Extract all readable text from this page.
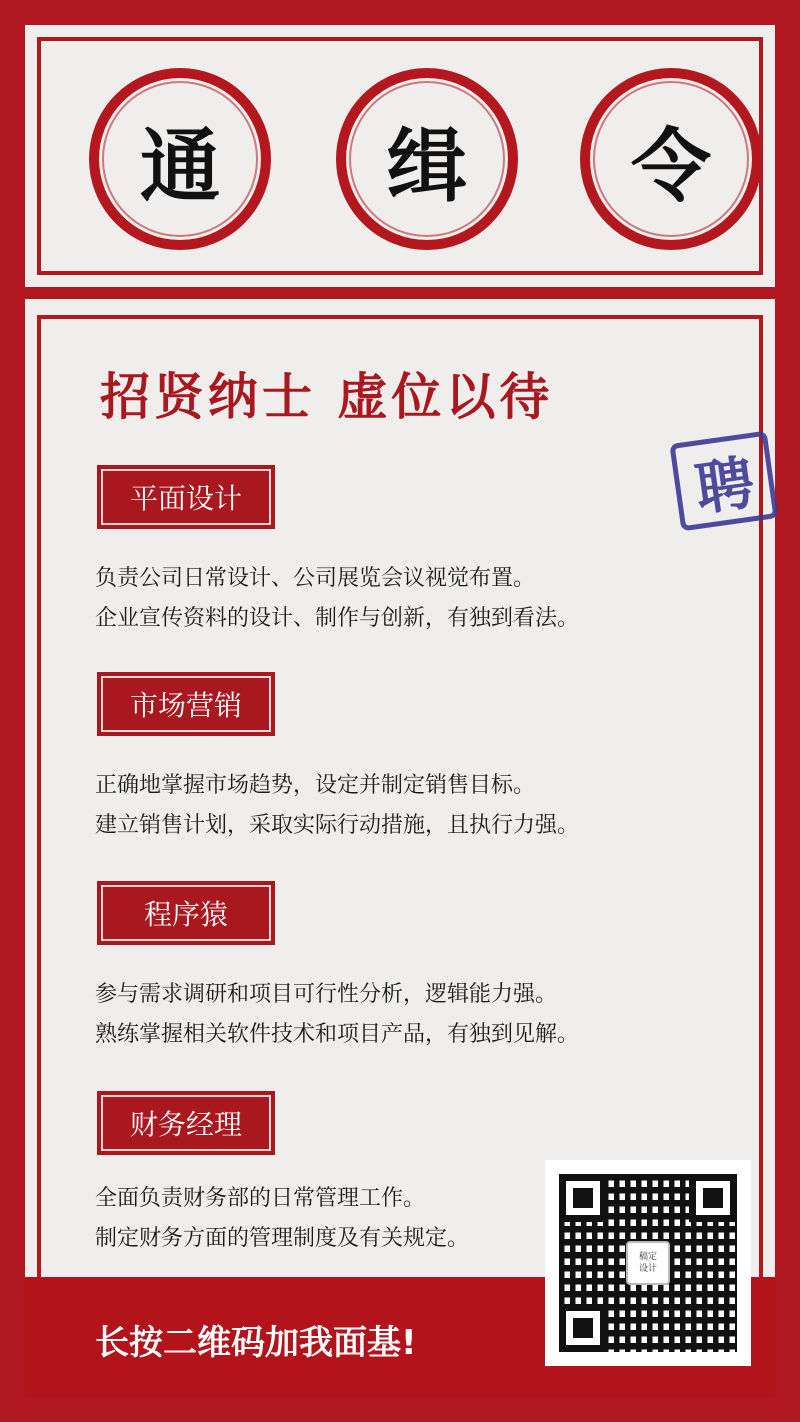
通 缉 令
招贤纳士 虚位以待
聘
平面设计
负责公司日常设计、公司展览会议视觉布置。
企业宣传资料的设计、制作与创新，有独到看法。
市场营销
正确地掌握市场趋势，设定并制定销售目标。
建立销售计划，采取实际行动措施，且执行力强。
程序猿
参与需求调研和项目可行性分析，逻辑能力强。
熟练掌握相关软件技术和项目产品，有独到见解。
财务经理
全面负责财务部的日常管理工作。
制定财务方面的管理制度及有关规定。
长按二维码加我面基!
稿定
设计
